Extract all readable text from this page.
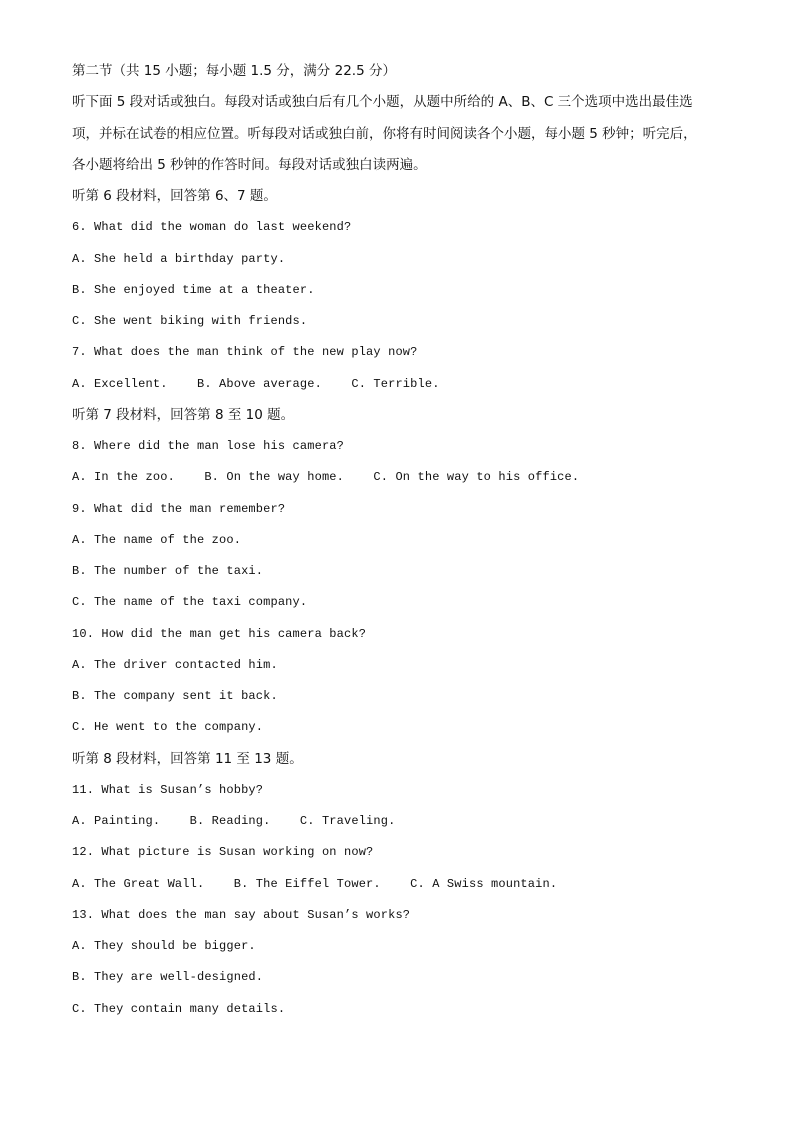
第二节（共 15 小题；每小题 1.5 分，满分 22.5 分）
听下面 5 段对话或独白。每段对话或独白后有几个小题，从题中所给的 A、B、C 三个选项中选出最佳选
项，并标在试卷的相应位置。听每段对话或独白前，你将有时间阅读各个小题，每小题 5 秒钟；听完后，
各小题将给出 5 秒钟的作答时间。每段对话或独白读两遍。
听第 6 段材料，回答第 6、7 题。
6. What did the woman do last weekend?
A. She held a birthday party.
B. She enjoyed time at a theater.
C. She went biking with friends.
7. What does the man think of the new play now?
A. Excellent.    B. Above average.    C. Terrible.
听第 7 段材料，回答第 8 至 10 题。
8. Where did the man lose his camera?
A. In the zoo.    B. On the way home.    C. On the way to his office.
9. What did the man remember?
A. The name of the zoo.
B. The number of the taxi.
C. The name of the taxi company.
10. How did the man get his camera back?
A. The driver contacted him.
B. The company sent it back.
C. He went to the company.
听第 8 段材料，回答第 11 至 13 题。
11. What is Susan’s hobby?
A. Painting.    B. Reading.    C. Traveling.
12. What picture is Susan working on now?
A. The Great Wall.    B. The Eiffel Tower.    C. A Swiss mountain.
13. What does the man say about Susan’s works?
A. They should be bigger.
B. They are well-designed.
C. They contain many details.
